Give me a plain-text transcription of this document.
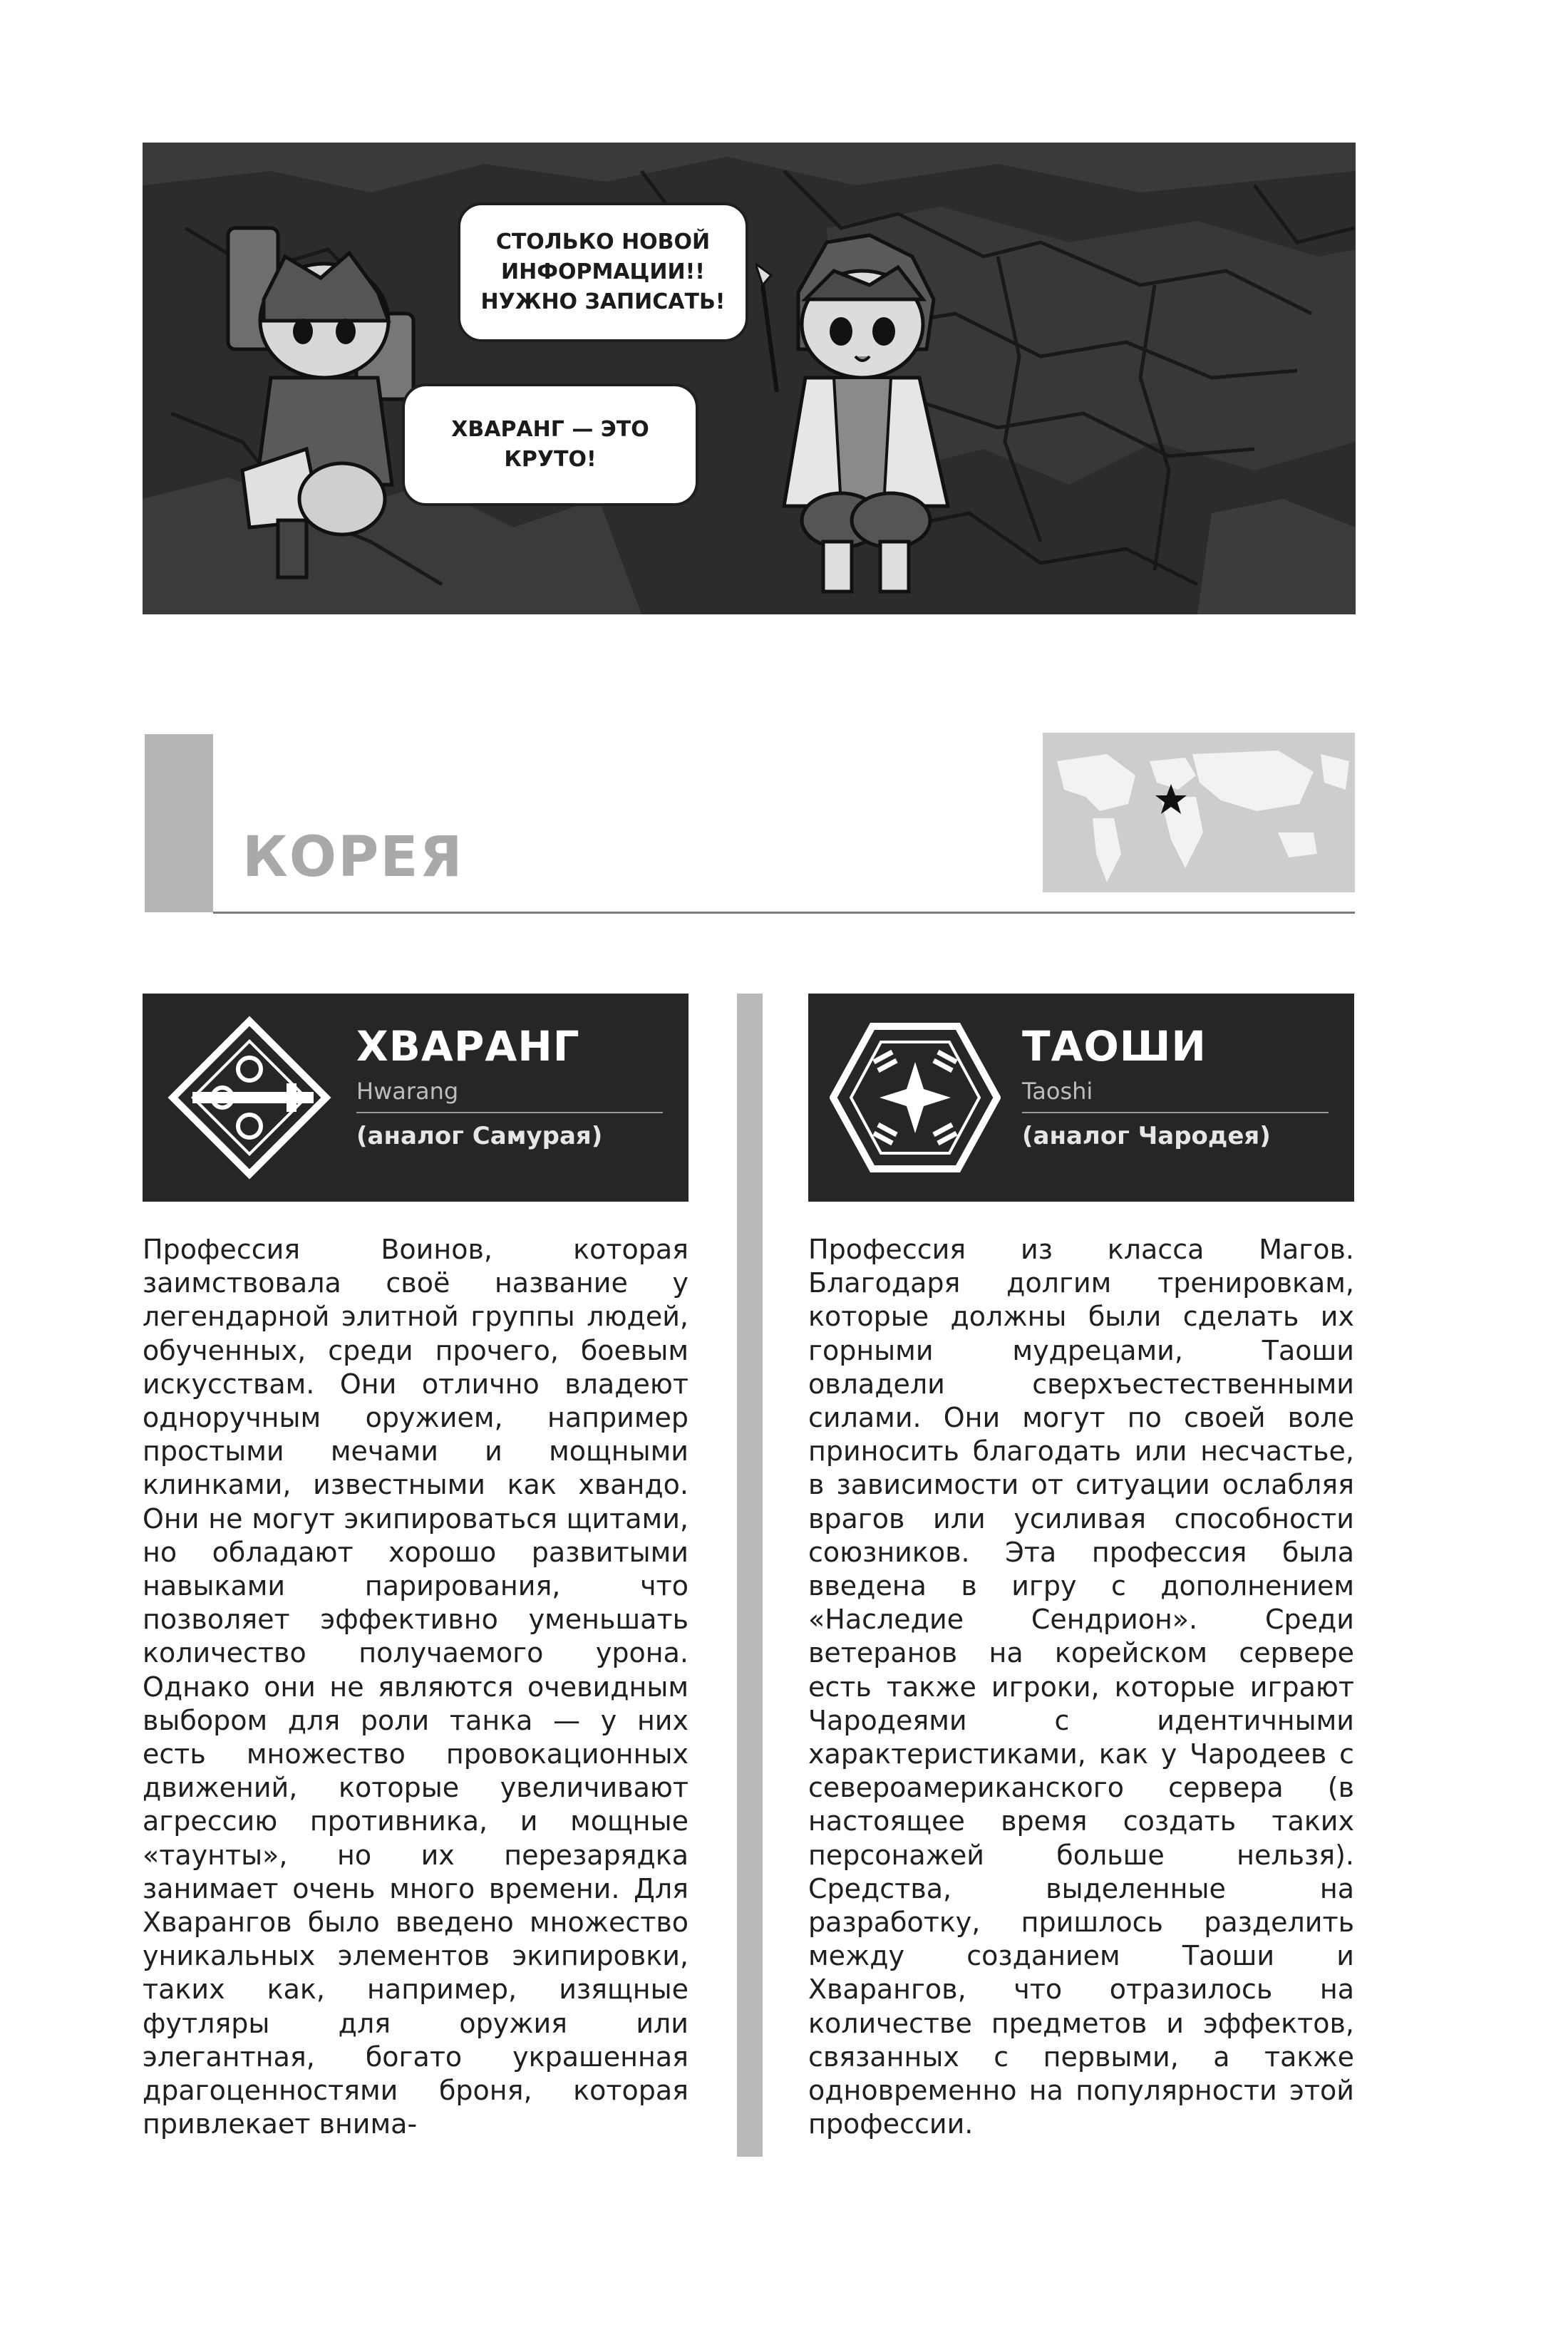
СТОЛЬКО НОВОЙ
ИНФОРМАЦИИ!!
НУЖНО ЗАПИСАТЬ!
ХВАРАНГ — ЭТО
КРУТО!
КОРЕЯ
ХВАРАНГ
Hwarang
(аналог Самурая)
ТАОШИ
Taoshi
(аналог Чародея)
Профессия Воинов, которая заимствовала своё название у легендарной элитной группы людей, обученных, среди прочего, боевым искусствам. Они отлично владеют одноручным оружием, например простыми мечами и мощными клинками, известными как хвандо. Они не могут экипироваться щитами, но обладают хорошо развитыми навыками парирования, что позволяет эффективно уменьшать количество получаемого урона. Однако они не являются очевидным выбором для роли танка — у них есть множество провокационных движений, которые увеличивают агрессию противника, и мощные «таунты», но их перезарядка занимает очень много времени. Для Хварангов было введено множество уникальных элементов экипировки, таких как, например, изящные футляры для оружия или элегантная, богато украшенная драгоценностями броня, которая привлекает внима-
Профессия из класса Магов. Благодаря долгим тренировкам, которые должны были сделать их горными мудрецами, Таоши овладели сверхъестественными силами. Они могут по своей воле приносить благодать или несчастье, в зависимости от ситуации ослабляя врагов или усиливая способности союзников. Эта профессия была введена в игру с дополнением «Наследие Сендрион». Среди ветеранов на корейском сервере есть также игроки, которые играют Чародеями с идентичными характеристиками, как у Чародеев с североамериканского сервера (в настоящее время создать таких персонажей больше нельзя). Средства, выделенные на разработку, пришлось разделить между созданием Таоши и Хварангов, что отразилось на количестве предметов и эффектов, связанных с первыми, а также одновременно на популярности этой профессии.
